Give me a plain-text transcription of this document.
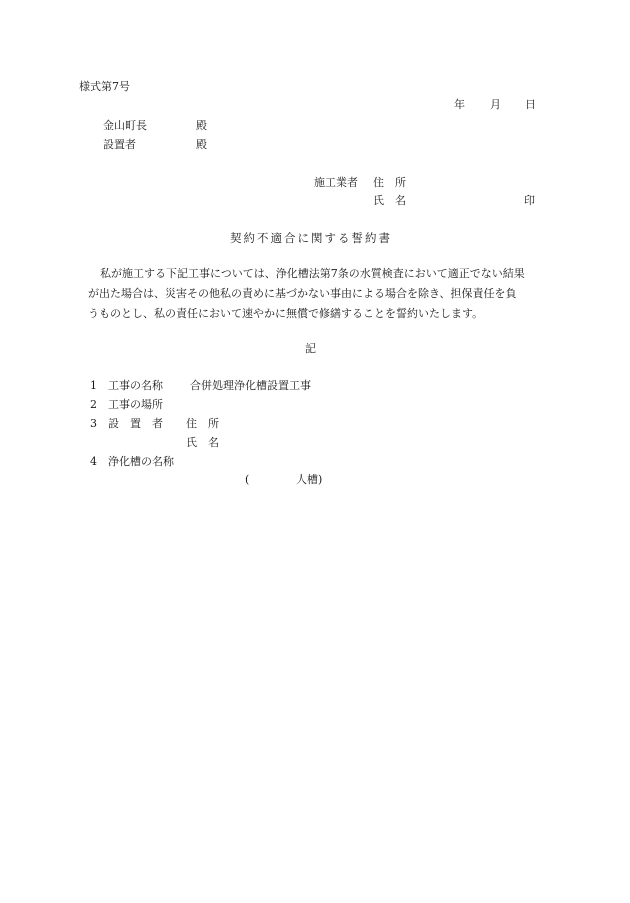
様式第7号
年 月 日
金山町長	殿
設置者	殿
施工業者 住　所
氏　名	印
契約不適合に関する誓約書

私が施工する下記工事については、浄化槽法第7条の水質検査において適正でない結果

が出た場合は、災害その他私の責めに基づかない事由による場合を除き、担保責任を負

うものとし、私の責任において速やかに無償で修繕することを誓約いたします。

記
1 工事の名称 合併処理浄化槽設置工事
2 工事の場所
3 設　置　者 住　所
氏　名
4 浄化槽の名称
(	人槽)
